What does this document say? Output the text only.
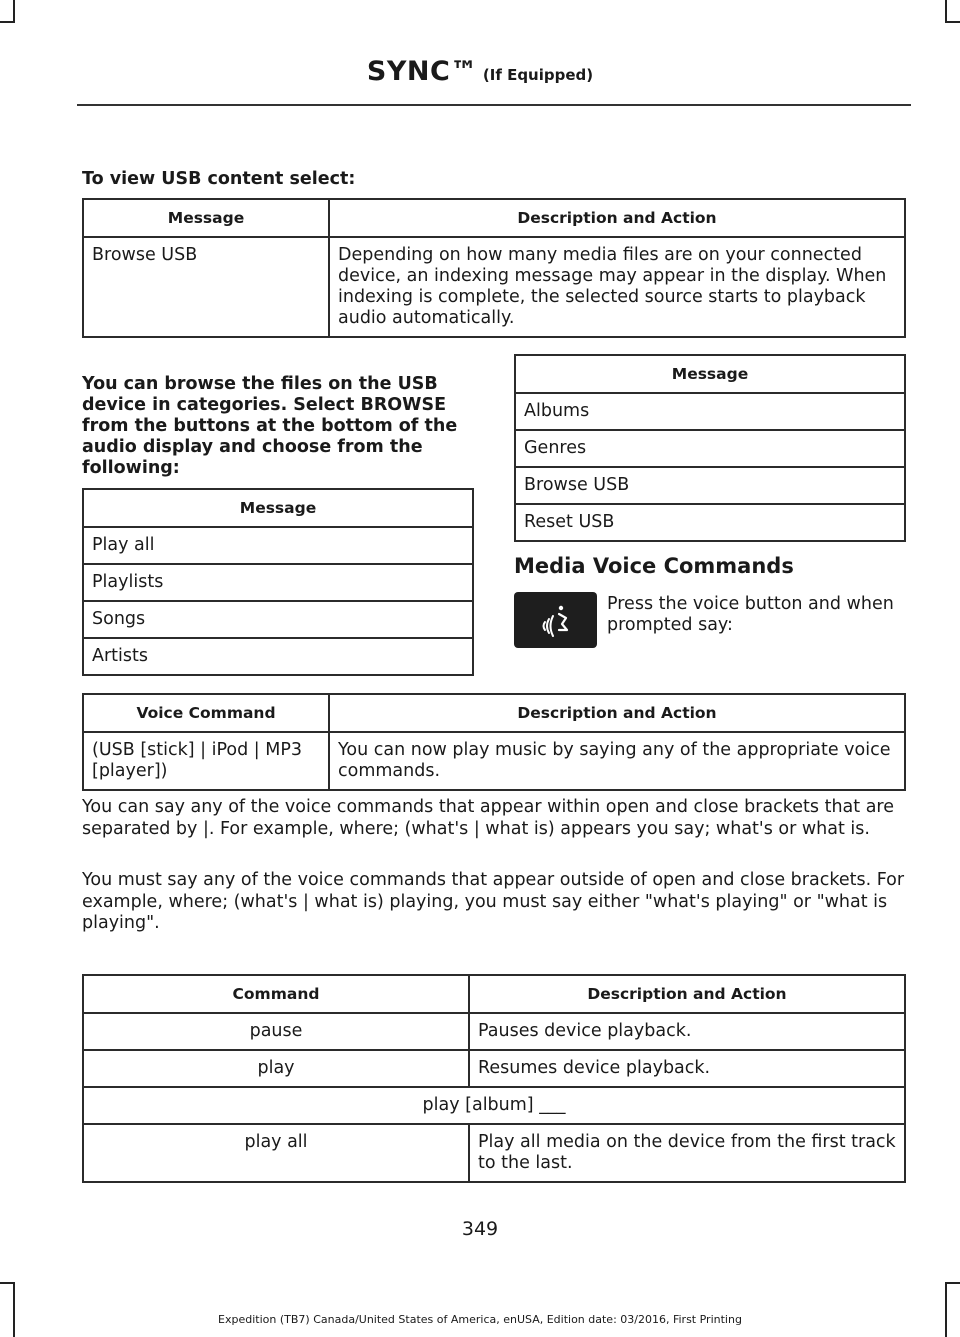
SYNC™ (If Equipped)
To view USB content select:
Message	Description and Action
Browse USB	Depending on how many media files are on your connected device, an indexing message may appear in the display. When indexing is complete, the selected source starts to playback audio automatically.
You can browse the files on the USB device in categories. Select BROWSE from the buttons at the bottom of the audio display and choose from the following:
Message
Play all
Playlists
Songs
Artists
Message
Albums
Genres
Browse USB
Reset USB
Media Voice Commands
Press the voice button and when prompted say:
Voice Command	Description and Action
(USB [stick] | iPod | MP3 [player])	You can now play music by saying any of the appropriate voice commands.
You can say any of the voice commands that appear within open and close brackets that are separated by |. For example, where; (what's | what is) appears you say; what's or what is.
You must say any of the voice commands that appear outside of open and close brackets. For example, where; (what's | what is) playing, you must say either "what's playing" or "what is playing".
Command	Description and Action
pause	Pauses device playback.
play	Resumes device playback.
play [album] ___	
play all	Play all media on the device from the first track to the last.
349
Expedition (TB7) Canada/United States of America, enUSA, Edition date: 03/2016, First Printing
